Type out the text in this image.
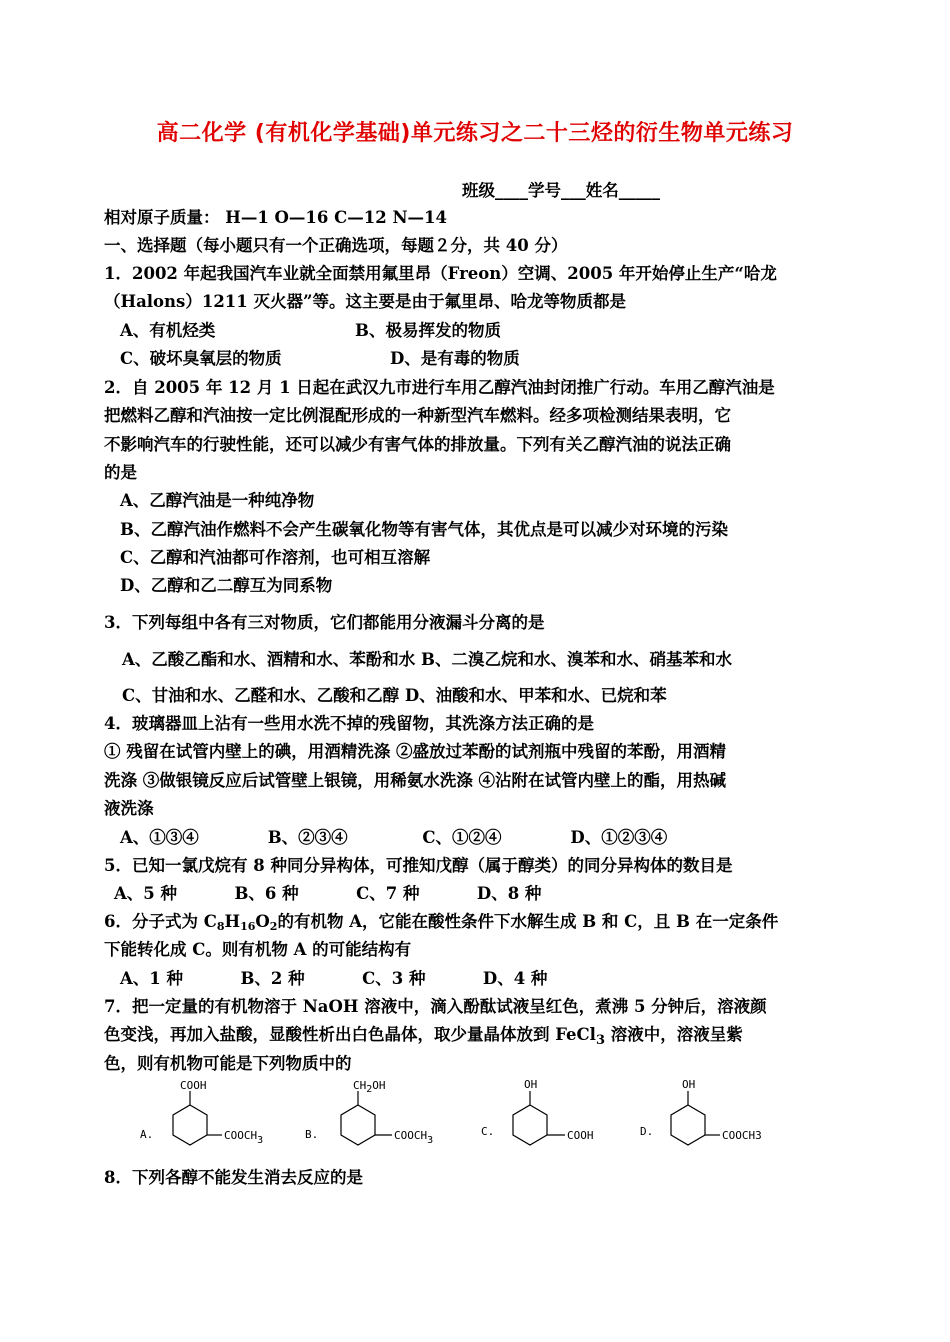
高二化学 (有机化学基础)单元练习之二十三烃的衍生物单元练习
班级____学号___姓名_____
相对原子质量： H—1 O—16 C—12 N—14
一、选择题（每小题只有一个正确选项，每题２分，共 40 分）
1．2002 年起我国汽车业就全面禁用氟里昂（Freon）空调、2005 年开始停止生产“哈龙
（Halons）1211 灭火器”等。这主要是由于氟里昂、哈龙等物质都是
A、有机烃类	B、极易挥发的物质
C、破坏臭氧层的物质	D、是有毒的物质
2．自 2005 年 12 月 1 日起在武汉九市进行车用乙醇汽油封闭推广行动。车用乙醇汽油是
把燃料乙醇和汽油按一定比例混配形成的一种新型汽车燃料。经多项检测结果表明，它
不影响汽车的行驶性能，还可以减少有害气体的排放量。下列有关乙醇汽油的说法正确
的是
A、乙醇汽油是一种纯净物
B、乙醇汽油作燃料不会产生碳氧化物等有害气体，其优点是可以减少对环境的污染
C、乙醇和汽油都可作溶剂，也可相互溶解
D、乙醇和乙二醇互为同系物
3．下列每组中各有三对物质，它们都能用分液漏斗分离的是
A、乙酸乙酯和水、酒精和水、苯酚和水 B、二溴乙烷和水、溴苯和水、硝基苯和水
C、甘油和水、乙醛和水、乙酸和乙醇 D、油酸和水、甲苯和水、已烷和苯
4．玻璃器皿上沾有一些用水洗不掉的残留物，其洗涤方法正确的是
① 残留在试管内壁上的碘，用酒精洗涤 ②盛放过苯酚的试剂瓶中残留的苯酚，用酒精
洗涤 ③做银镜反应后试管壁上银镜，用稀氨水洗涤 ④沾附在试管内壁上的酯，用热碱
液洗涤
A、①③④            B、②③④             C、①②④            D、①②③④
5．已知一氯戊烷有 8 种同分异构体，可推知戊醇（属于醇类）的同分异构体的数目是
A、5 种          B、6 种          C、7 种          D、8 种
6．分子式为 $C_8H_{16}O_2$的有机物 A，它能在酸性条件下水解生成 B 和 C，且 B 在一定条件
下能转化成 C。则有机物 A 的可能结构有
A、1 种          B、2 种          C、3 种          D、4 种
7．把一定量的有机物溶于 NaOH 溶液中，滴入酚酞试液呈红色，煮沸 5 分钟后，溶液颜
色变浅，再加入盐酸，显酸性析出白色晶体，取少量晶体放到 FeCl$_3$ 溶液中，溶液呈紫
色，则有机物可能是下列物质中的
A.
COOH
COOCH3	B.
CH2OH
COOCH3
C.
OH
COOH	D.
OH
COOCH3
8．下列各醇不能发生消去反应的是
